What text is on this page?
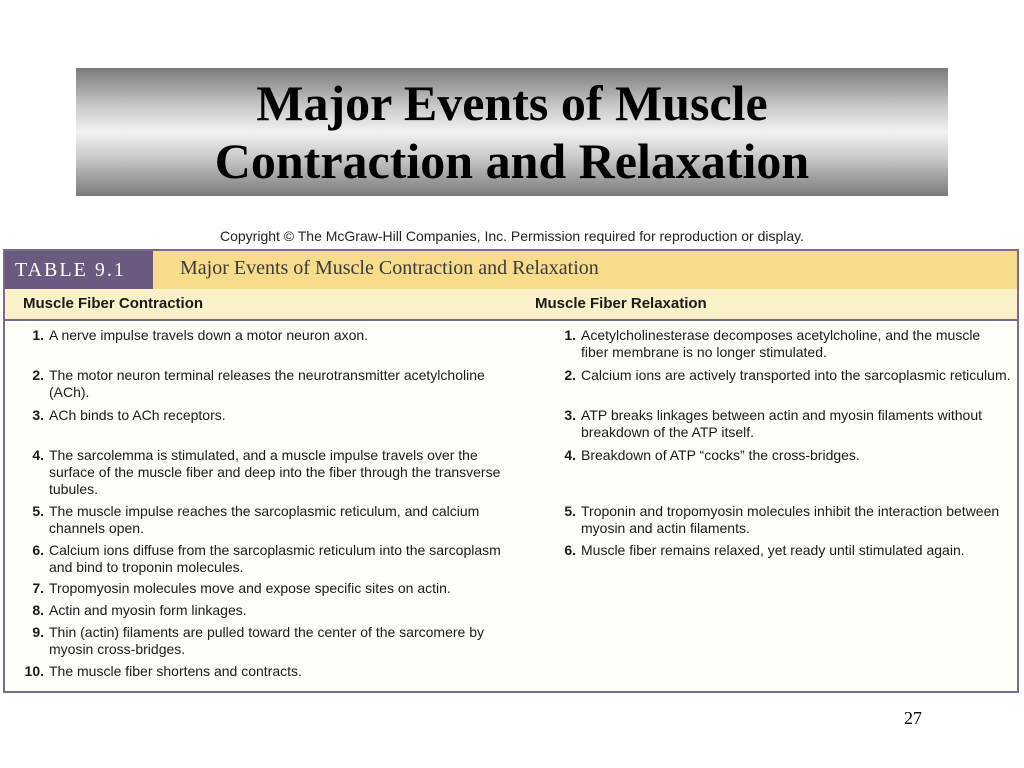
Major Events of Muscle
Contraction and Relaxation
Copyright © The McGraw-Hill Companies, Inc. Permission required for reproduction or display.
TABLE 9.1	Major Events of Muscle Contraction and Relaxation
Muscle Fiber Contraction	Muscle Fiber Relaxation
1. A nerve impulse travels down a motor neuron axon.
2. The motor neuron terminal releases the neurotransmitter acetylcholine (ACh).
3. ACh binds to ACh receptors.
4. The sarcolemma is stimulated, and a muscle impulse travels over the surface of the muscle fiber and deep into the fiber through the transverse tubules.
5. The muscle impulse reaches the sarcoplasmic reticulum, and calcium channels open.
6. Calcium ions diffuse from the sarcoplasmic reticulum into the sarcoplasm and bind to troponin molecules.
7. Tropomyosin molecules move and expose specific sites on actin.
8. Actin and myosin form linkages.
9. Thin (actin) filaments are pulled toward the center of the sarcomere by myosin cross-bridges.
10. The muscle fiber shortens and contracts.
1. Acetylcholinesterase decomposes acetylcholine, and the muscle fiber membrane is no longer stimulated.
2. Calcium ions are actively transported into the sarcoplasmic reticulum.
3. ATP breaks linkages between actin and myosin filaments without breakdown of the ATP itself.
4. Breakdown of ATP “cocks” the cross-bridges.
5. Troponin and tropomyosin molecules inhibit the interaction between myosin and actin filaments.
6. Muscle fiber remains relaxed, yet ready until stimulated again.
27
